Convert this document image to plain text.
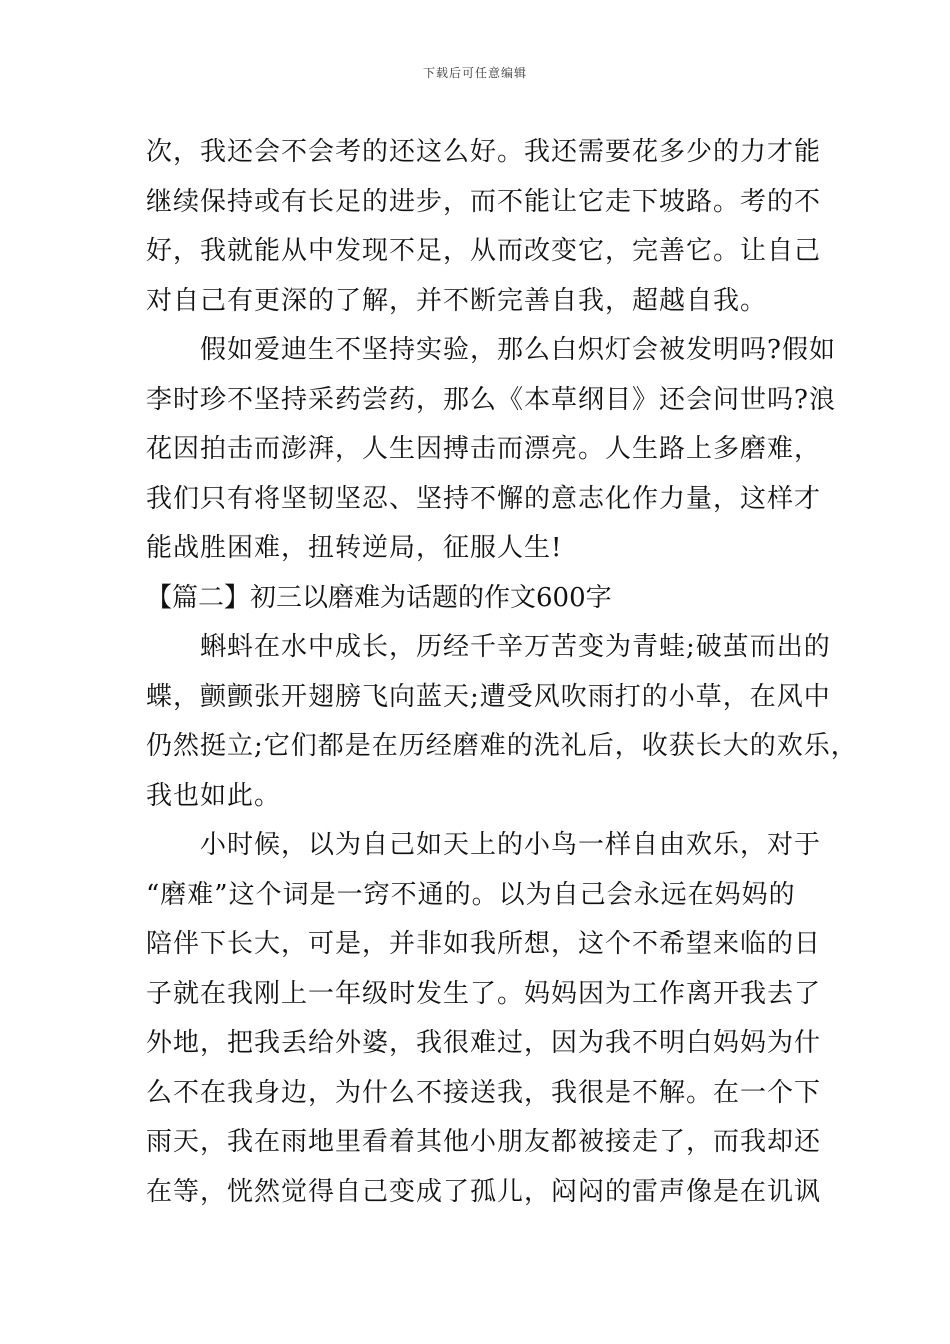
下载后可任意编辑
次，我还会不会考的还这么好。我还需要花多少的力才能
继续保持或有长足的进步，而不能让它走下坡路。考的不
好，我就能从中发现不足，从而改变它，完善它。让自己
对自己有更深的了解，并不断完善自我，超越自我。
假如爱迪生不坚持实验，那么白炽灯会被发明吗?假如
李时珍不坚持采药尝药，那么《本草纲目》还会问世吗?浪
花因拍击而澎湃，人生因搏击而漂亮。人生路上多磨难，
我们只有将坚韧坚忍、坚持不懈的意志化作力量，这样才
能战胜困难，扭转逆局，征服人生!
【篇二】初三以磨难为话题的作文600字
蝌蚪在水中成长，历经千辛万苦变为青蛙;破茧而出的
蝶，颤颤张开翅膀飞向蓝天;遭受风吹雨打的小草，在风中
仍然挺立;它们都是在历经磨难的洗礼后，收获长大的欢乐，
我也如此。
小时候，以为自己如天上的小鸟一样自由欢乐，对于
“磨难”这个词是一窍不通的。以为自己会永远在妈妈的
陪伴下长大，可是，并非如我所想，这个不希望来临的日
子就在我刚上一年级时发生了。妈妈因为工作离开我去了
外地，把我丢给外婆，我很难过，因为我不明白妈妈为什
么不在我身边，为什么不接送我，我很是不解。在一个下
雨天，我在雨地里看着其他小朋友都被接走了，而我却还
在等，恍然觉得自己变成了孤儿，闷闷的雷声像是在讥讽
